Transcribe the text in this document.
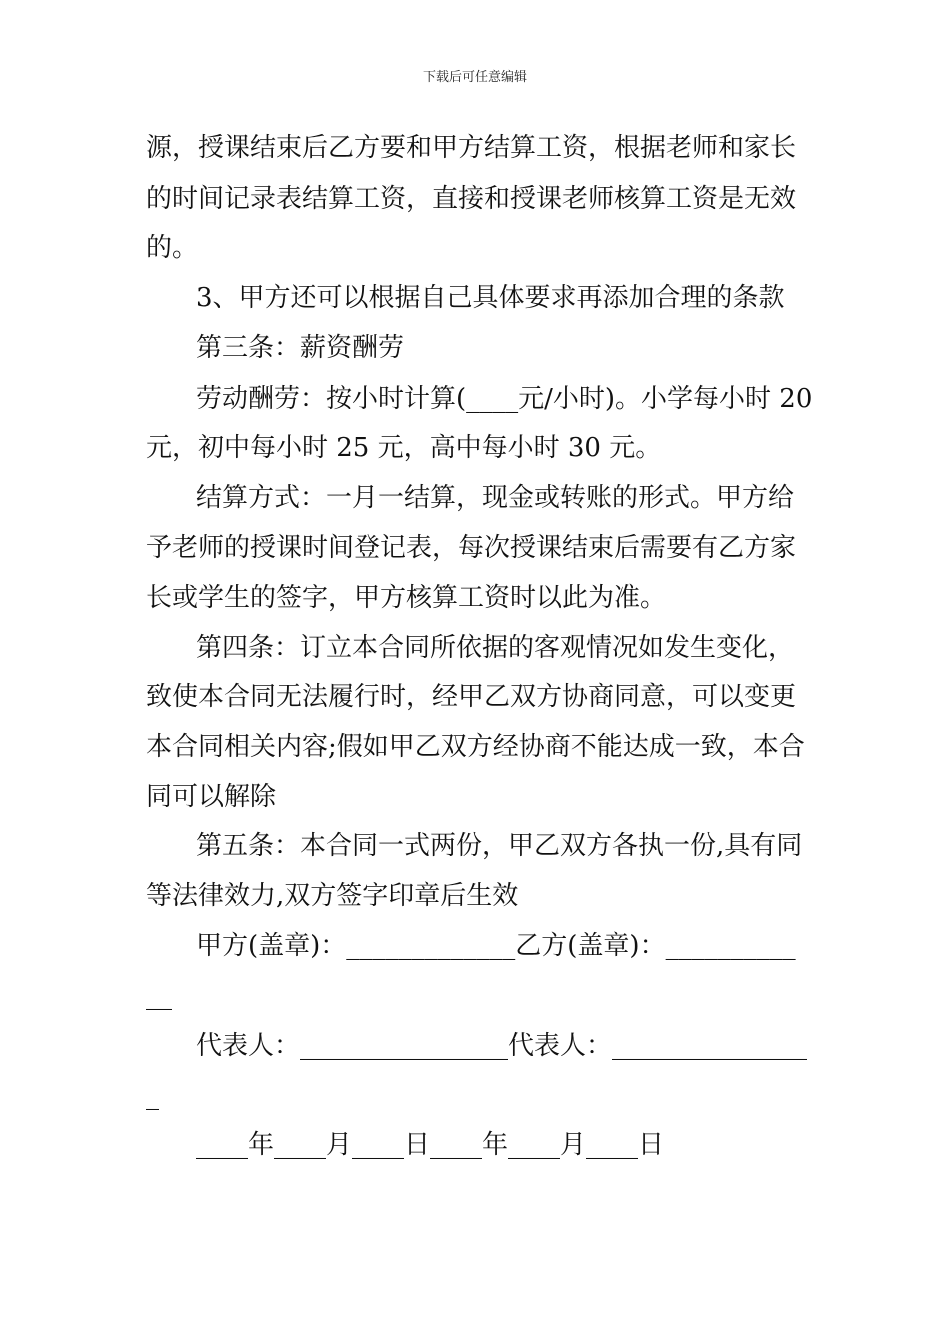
下载后可任意编辑
源，授课结束后乙方要和甲方结算工资，根据老师和家长
的时间记录表结算工资，直接和授课老师核算工资是无效
的。
3、甲方还可以根据自己具体要求再添加合理的条款
第三条：薪资酬劳
劳动酬劳：按小时计算(____元/小时)。小学每小时 20
元，初中每小时 25 元，高中每小时 30 元。
结算方式：一月一结算，现金或转账的形式。甲方给
予老师的授课时间登记表，每次授课结束后需要有乙方家
长或学生的签字，甲方核算工资时以此为准。
第四条：订立本合同所依据的客观情况如发生变化，
致使本合同无法履行时，经甲乙双方协商同意，可以变更
本合同相关内容;假如甲乙双方经协商不能达成一致，本合
同可以解除
第五条：本合同一式两份，甲乙双方各执一份,具有同
等法律效力,双方签字印章后生效
甲方(盖章)：_____________乙方(盖章)：__________
__
代表人：________________代表人：_______________
_
____年____月____日____年____月____日
